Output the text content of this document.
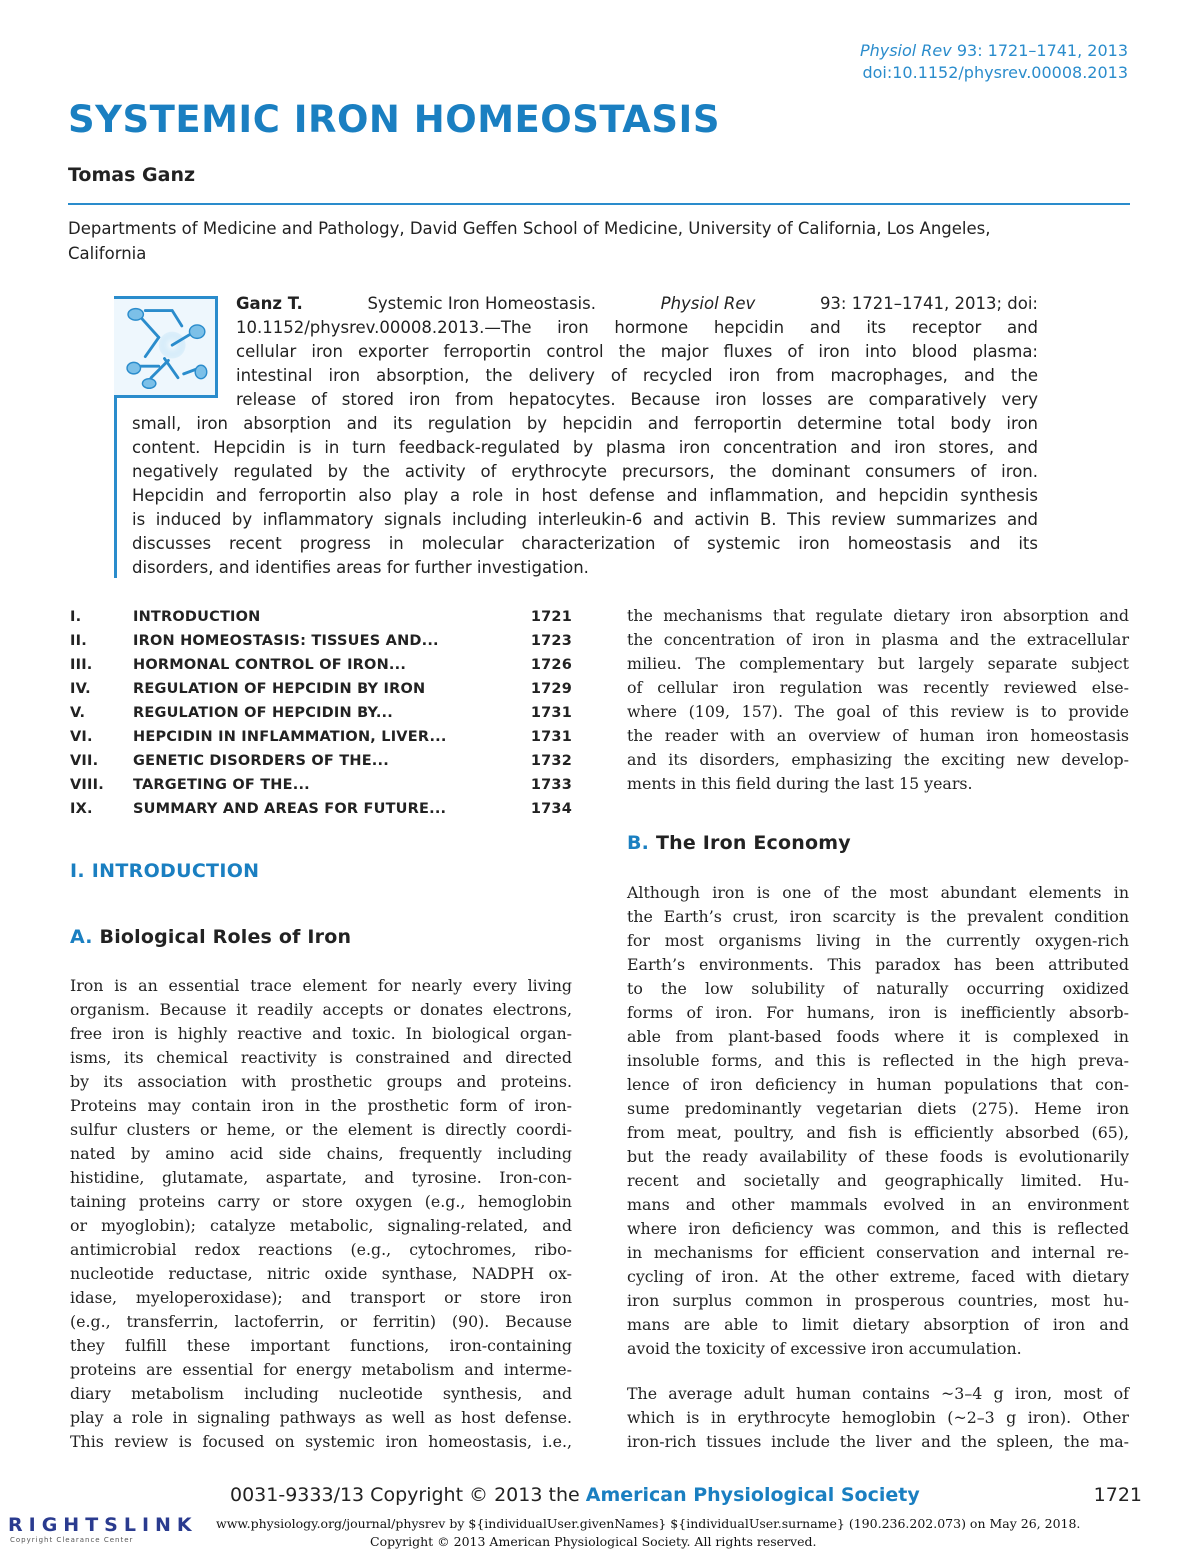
Physiol Rev 93: 1721–1741, 2013
doi:10.1152/physrev.00008.2013
SYSTEMIC IRON HOMEOSTASIS
Tomas Ganz
Departments of Medicine and Pathology, David Geffen School of Medicine, University of California, Los Angeles,
California
Ganz T.	Systemic Iron Homeostasis.	Physiol Rev	93: 1721–1741, 2013; doi:
10.1152/physrev.00008.2013.—The iron hormone hepcidin and its receptor and
cellular iron exporter ferroportin control the major fluxes of iron into blood plasma:
intestinal iron absorption, the delivery of recycled iron from macrophages, and the
release of stored iron from hepatocytes. Because iron losses are comparatively very
small, iron absorption and its regulation by hepcidin and ferroportin determine total body iron
content. Hepcidin is in turn feedback-regulated by plasma iron concentration and iron stores, and
negatively regulated by the activity of erythrocyte precursors, the dominant consumers of iron.
Hepcidin and ferroportin also play a role in host defense and inflammation, and hepcidin synthesis
is induced by inflammatory signals including interleukin-6 and activin B. This review summarizes and
discusses recent progress in molecular characterization of systemic iron homeostasis and its
disorders, and identifies areas for further investigation.
I.	INTRODUCTION	1721
II.	IRON HOMEOSTASIS: TISSUES AND...	1723
III.	HORMONAL CONTROL OF IRON...	1726
IV.	REGULATION OF HEPCIDIN BY IRON	1729
V.	REGULATION OF HEPCIDIN BY...	1731
VI.	HEPCIDIN IN INFLAMMATION, LIVER...	1731
VII. GENETIC DISORDERS OF THE...	1732
VIII. TARGETING OF THE...	1733
IX.	SUMMARY AND AREAS FOR FUTURE...	1734
I. INTRODUCTION
A. Biological Roles of Iron
Iron is an essential trace element for nearly every living
organism. Because it readily accepts or donates electrons,
free iron is highly reactive and toxic. In biological organ-
isms, its chemical reactivity is constrained and directed
by its association with prosthetic groups and proteins.
Proteins may contain iron in the prosthetic form of iron-
sulfur clusters or heme, or the element is directly coordi-
nated by amino acid side chains, frequently including
histidine, glutamate, aspartate, and tyrosine. Iron-con-
taining proteins carry or store oxygen (e.g., hemoglobin
or myoglobin); catalyze metabolic, signaling-related, and
antimicrobial redox reactions (e.g., cytochromes, ribo-
nucleotide reductase, nitric oxide synthase, NADPH ox-
idase, myeloperoxidase); and transport or store iron
(e.g., transferrin, lactoferrin, or ferritin) (90). Because
they fulfill these important functions, iron-containing
proteins are essential for energy metabolism and interme-
diary metabolism including nucleotide synthesis, and
play a role in signaling pathways as well as host defense.
This review is focused on systemic iron homeostasis, i.e.,
the mechanisms that regulate dietary iron absorption and
the concentration of iron in plasma and the extracellular
milieu. The complementary but largely separate subject
of cellular iron regulation was recently reviewed else-
where (109, 157). The goal of this review is to provide
the reader with an overview of human iron homeostasis
and its disorders, emphasizing the exciting new develop-
ments in this field during the last 15 years.
B. The Iron Economy
Although iron is one of the most abundant elements in
the Earth’s crust, iron scarcity is the prevalent condition
for most organisms living in the currently oxygen-rich
Earth’s environments. This paradox has been attributed
to the low solubility of naturally occurring oxidized
forms of iron. For humans, iron is inefficiently absorb-
able from plant-based foods where it is complexed in
insoluble forms, and this is reflected in the high preva-
lence of iron deficiency in human populations that con-
sume predominantly vegetarian diets (275). Heme iron
from meat, poultry, and fish is efficiently absorbed (65),
but the ready availability of these foods is evolutionarily
recent and societally and geographically limited. Hu-
mans and other mammals evolved in an environment
where iron deficiency was common, and this is reflected
in mechanisms for efficient conservation and internal re-
cycling of iron. At the other extreme, faced with dietary
iron surplus common in prosperous countries, most hu-
mans are able to limit dietary absorption of iron and
avoid the toxicity of excessive iron accumulation.
The average adult human contains ~3–4 g iron, most of
which is in erythrocyte hemoglobin (~2–3 g iron). Other
iron-rich tissues include the liver and the spleen, the ma-
0031-9333/13 Copyright © 2013 the American Physiological Society	1721
RIGHTSLINK
Copyright Clearance Center
www.physiology.org/journal/physrev by ${individualUser.givenNames} ${individualUser.surname} (190.236.202.073) on May 26, 2018.
Copyright © 2013 American Physiological Society. All rights reserved.
